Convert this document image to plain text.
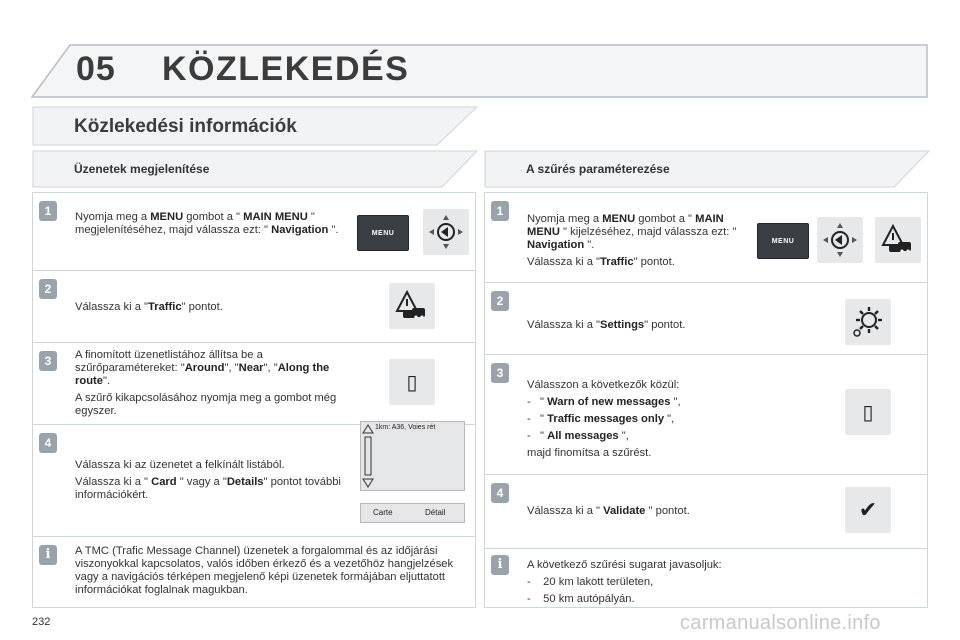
05 KÖZLEKEDÉS
Közlekedési információk
Üzenetek megjelenítése	A szűrés paraméterezése
1	Nyomja meg a MENU gombot a " MAIN MENU " megjelenítéséhez, majd válassza ezt: " Navigation ".	MENU
2
Válassza ki a "Traffic" pontot.
3	A finomított üzenetlistához állítsa be a szűrőparamétereket: "Around", "Near", "Along the route".

A szűrő kikapcsolásához nyomja meg a gombot még egyszer.

▯
4

Válassza ki az üzenetet a felkínált listából.

Válassza ki a " Card " vagy a "Details" pontot további információkért.

1km: A36, Voies rét
Carte	Détail
i	A TMC (Trafic Message Channel) üzenetek a forgalommal és az időjárási viszonyokkal kapcsolatos, valós időben érkező és a vezetőhöz hangjelzések vagy a navigációs térképen megjelenő képi üzenetek formájában eljuttatott információkat foglalnak magukban.
1

Nyomja meg a MENU gombot a " MAIN MENU " kijelzéséhez, majd válassza ezt: " Navigation ".

Válassza ki a "Traffic" pontot.

MENU
2
Válassza ki a "Settings" pontot.
3

Válasszon a következők közül:

-   " Warn of new messages ",

-   " Traffic messages only ",

-   " All messages ",

majd finomítsa a szűrést.

▯
4
Válassza ki a " Validate " pontot.	✔
i	A következő szűrési sugarat javasoljuk:

-    20 km lakott területen,

-    50 km autópályán.

232	carmanualsonline.info
